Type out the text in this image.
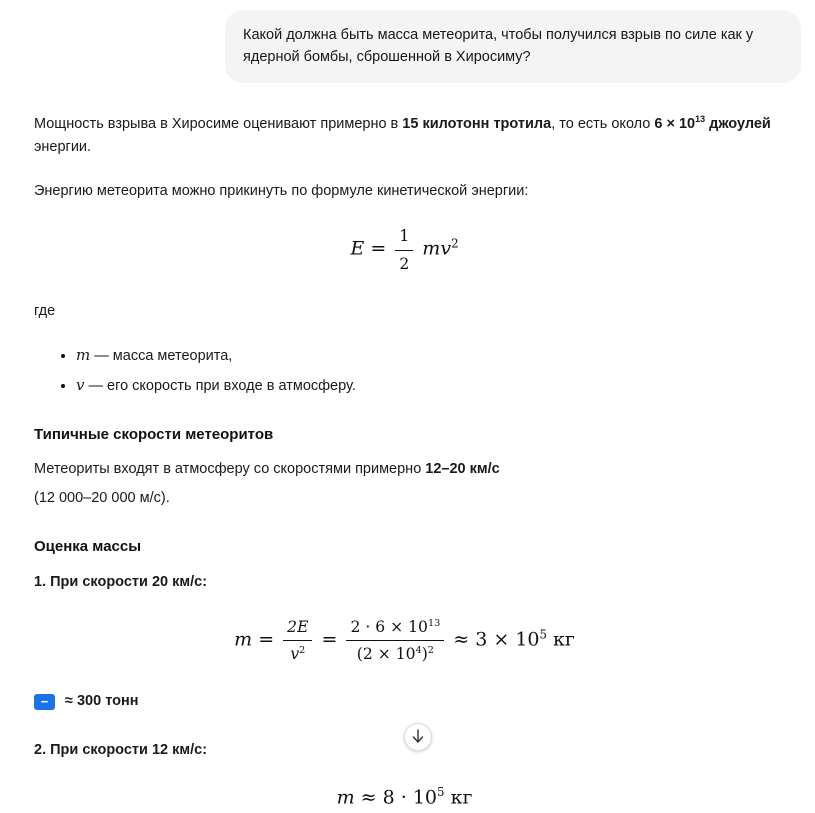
Какой должна быть масса метеорита, чтобы получился взрыв по силе как у ядерной бомбы, сброшенной в Хиросиму?

Мощность взрыва в Хиросиме оценивают примерно в 15 килотонн тротила, то есть около $6 \times 10^{13}$ джоулей энергии.

Энергию метеорита можно прикинуть по формуле кинетической энергии:

$E = \frac{1}{2} mv^2$

где

• m — масса метеорита,
• v — его скорость при входе в атмосферу.
Типичные скорости метеоритов

Метеориты входят в атмосферу со скоростями примерно 12–20 км/с

(12 000–20 000 м/с).

Оценка массы

1. При скорости 20 км/с:

$m = \frac{2E}{v^2} = \frac{2 \cdot 6 \times 10^{13}}{(2 \times 10^4)^2} \approx 3 \times 10^5$ кг
−	≈ 300 тонн

2. При скорости 12 км/с:

$m \approx 8 \cdot 10^5$ кг
